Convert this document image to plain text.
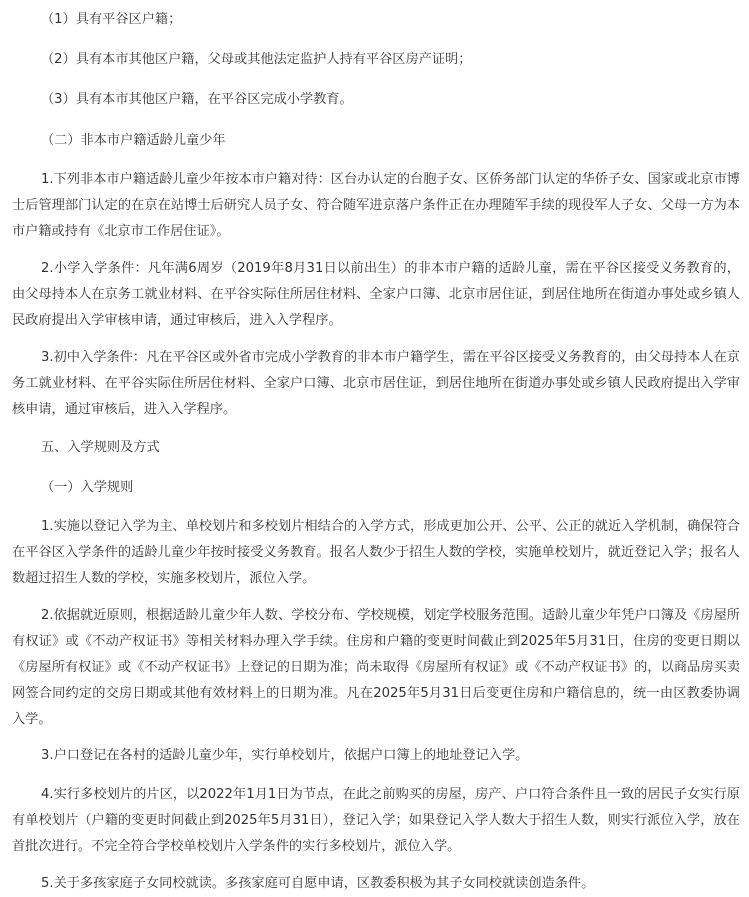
（1）具有平谷区户籍；

（2）具有本市其他区户籍，父母或其他法定监护人持有平谷区房产证明；

（3）具有本市其他区户籍，在平谷区完成小学教育。

（二）非本市户籍适龄儿童少年

1.下列非本市户籍适龄儿童少年按本市户籍对待：区台办认定的台胞子女、区侨务部门认定的华侨子女、国家或北京市博士后管理部门认定的在京在站博士后研究人员子女、符合随军进京落户条件正在办理随军手续的现役军人子女、父母一方为本市户籍或持有《北京市工作居住证》。

2.小学入学条件：凡年满6周岁（2019年8月31日以前出生）的非本市户籍的适龄儿童，需在平谷区接受义务教育的，由父母持本人在京务工就业材料、在平谷实际住所居住材料、全家户口簿、北京市居住证，到居住地所在街道办事处或乡镇人民政府提出入学审核申请，通过审核后，进入入学程序。

3.初中入学条件：凡在平谷区或外省市完成小学教育的非本市户籍学生，需在平谷区接受义务教育的，由父母持本人在京务工就业材料、在平谷实际住所居住材料、全家户口簿、北京市居住证，到居住地所在街道办事处或乡镇人民政府提出入学审核申请，通过审核后，进入入学程序。

五、入学规则及方式

（一）入学规则

1.实施以登记入学为主、单校划片和多校划片相结合的入学方式，形成更加公开、公平、公正的就近入学机制，确保符合在平谷区入学条件的适龄儿童少年按时接受义务教育。报名人数少于招生人数的学校，实施单校划片，就近登记入学；报名人数超过招生人数的学校，实施多校划片，派位入学。

2.依据就近原则，根据适龄儿童少年人数、学校分布、学校规模，划定学校服务范围。适龄儿童少年凭户口簿及《房屋所有权证》或《不动产权证书》等相关材料办理入学手续。住房和户籍的变更时间截止到2025年5月31日，住房的变更日期以《房屋所有权证》或《不动产权证书》上登记的日期为准；尚未取得《房屋所有权证》或《不动产权证书》的，以商品房买卖网签合同约定的交房日期或其他有效材料上的日期为准。凡在2025年5月31日后变更住房和户籍信息的，统一由区教委协调入学。

3.户口登记在各村的适龄儿童少年，实行单校划片，依据户口簿上的地址登记入学。

4.实行多校划片的片区，以2022年1月1日为节点，在此之前购买的房屋，房产、户口符合条件且一致的居民子女实行原有单校划片（户籍的变更时间截止到2025年5月31日），登记入学；如果登记入学人数大于招生人数，则实行派位入学，放在首批次进行。不完全符合学校单校划片入学条件的实行多校划片，派位入学。

5.关于多孩家庭子女同校就读。多孩家庭可自愿申请，区教委积极为其子女同校就读创造条件。
